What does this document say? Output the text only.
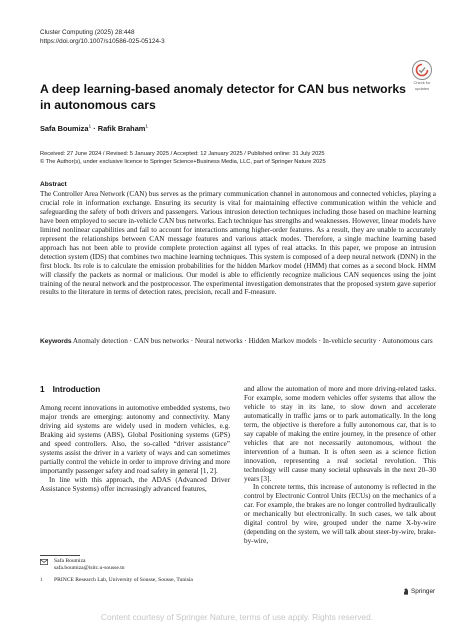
Cluster Computing (2025) 28:448
https://doi.org/10.1007/s10586-025-05124-3
Check for
updates
A deep learning-based anomaly detector for CAN bus networks in autonomous cars
Safa Boumiza$^1$ · Rafik Braham$^1$
Received: 27 June 2024 / Revised: 5 January 2025 / Accepted: 12 January 2025 / Published online: 31 July 2025
© The Author(s), under exclusive licence to Springer Science+Business Media, LLC, part of Springer Nature 2025
Abstract
The Controller Area Network (CAN) bus serves as the primary communication channel in autonomous and connected vehicles, playing a crucial role in information exchange. Ensuring its security is vital for maintaining effective communication within the vehicle and safeguarding the safety of both drivers and passengers. Various intrusion detection techniques including those based on machine learning have been employed to secure in-vehicle CAN bus networks. Each technique has strengths and weaknesses. However, linear models have limited nonlinear capabilities and fail to account for interactions among higher-order features. As a result, they are unable to accurately represent the relationships between CAN message features and various attack modes. Therefore, a single machine learning based approach has not been able to provide complete protection against all types of real attacks. In this paper, we propose an intrusion detection system (IDS) that combines two machine learning techniques. This system is composed of a deep neural network (DNN) in the first block. Its role is to calculate the emission probabilities for the hidden Markov model (HMM) that comes as a second block. HMM will classify the packets as normal or malicious. Our model is able to efficiently recognize malicious CAN sequences using the joint training of the neural network and the postprocessor. The experimental investigation demonstrates that the proposed system gave superior results to the literature in terms of detection rates, precision, recall and F-measure.
Keywords Anomaly detection · CAN bus networks · Neural networks · Hidden Markov models · In-vehicle security · Autonomous cars
1 Introduction

Among recent innovations in automotive embedded systems, two major trends are emerging: autonomy and connectivity. Many driving aid systems are widely used in modern vehicles, e.g. Braking aid systems (ABS), Global Positioning systems (GPS) and speed controllers. Also, the so-called “driver assistance” systems assist the driver in a variety of ways and can sometimes partially control the vehicle in order to improve driving and more importantly passenger safety and road safety in general [1, 2].

In line with this approach, the ADAS (Advanced Driver Assistance Systems) offer increasingly advanced features,

and allow the automation of more and more driving-related tasks. For example, some modern vehicles offer systems that allow the vehicle to stay in its lane, to slow down and accelerate automatically in traffic jams or to park automatically. In the long term, the objective is therefore a fully autonomous car, that is to say capable of making the entire journey, in the presence of other vehicles that are not necessarily autonomous, without the intervention of a human. It is often seen as a science fiction innovation, representing a real societal revolution. This technology will cause many societal upheavals in the next 20–30 years [3].

In concrete terms, this increase of autonomy is reflected in the control by Electronic Control Units (ECUs) on the mechanics of a car. For example, the brakes are no longer controlled hydraulically or mechanically but electronically. In such cases, we talk about digital control by wire, grouped under the name X-by-wire (depending on the system, we will talk about steer-by-wire, brake-by-wire,

Safa Boumiza
safa.boumiza@isitc.u-sousse.tn
$^1$	PRINCE Research Lab, University of Sousse, Sousse, Tunisia
Springer
Content courtesy of Springer Nature, terms of use apply. Rights reserved.
